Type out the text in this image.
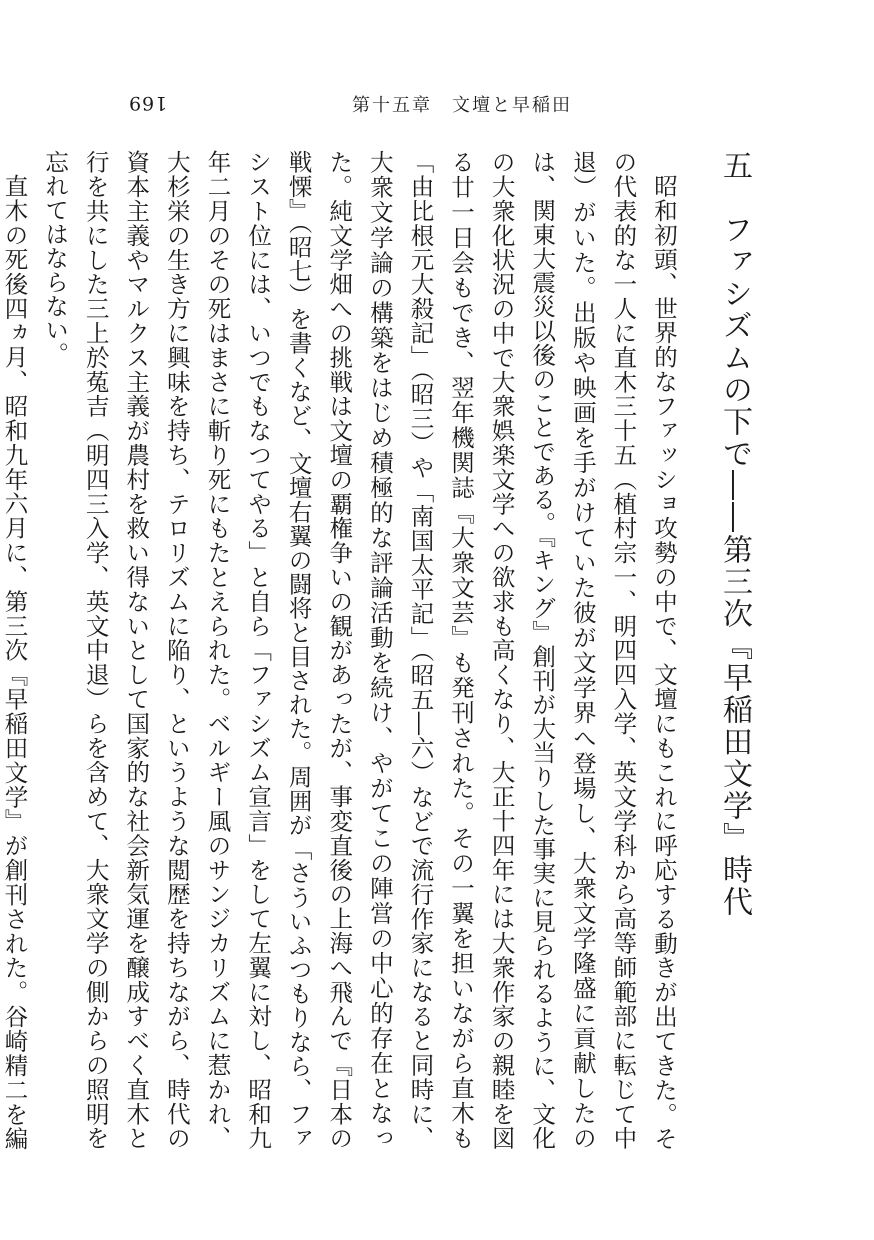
169	第十五章　文壇と早稲田
五　ファシズムの下で――第三次『早稲田文学』時代

昭和初頭、世界的なファッショ攻勢の中で、文壇にもこれに呼応する動きが出てきた。その代表的な一人に直木三十五（植村宗一、明四四入学、英文学科から高等師範部に転じて中退）がいた。出版や映画を手がけていた彼が文学界へ登場し、大衆文学隆盛に貢献したのは、関東大震災以後のことである。『キング』創刊が大当りした事実に見られるように、文化の大衆化状況の中で大衆娯楽文学への欲求も高くなり、大正十四年には大衆作家の親睦を図る廿一日会もでき、翌年機関誌『大衆文芸』も発刊された。その一翼を担いながら直木も「由比根元大殺記」（昭三）や「南国太平記」（昭五―六）などで流行作家になると同時に、大衆文学論の構築をはじめ積極的な評論活動を続け、やがてこの陣営の中心的存在となった。純文学畑への挑戦は文壇の覇権争いの観があったが、事変直後の上海へ飛んで『日本の戦慄』（昭七）を書くなど、文壇右翼の闘将と目された。周囲が「さういふつもりなら、ファシスト位には、いつでもなつてやる」と自ら「ファシズム宣言」をして左翼に対し、昭和九年二月のその死はまさに斬り死にもたとえられた。ベルギー風のサンジカリズムに惹かれ、大杉栄の生き方に興味を持ち、テロリズムに陥り、というような閲歴を持ちながら、時代の資本主義やマルクス主義が農村を救い得ないとして国家的な社会新気運を醸成すべく直木と行を共にした三上於菟吉（明四三入学、英文中退）らを含めて、大衆文学の側からの照明を忘れてはならない。

直木の死後四ヵ月、昭和九年六月に、第三次『早稲田文学』が創刊された。谷崎精二を編
